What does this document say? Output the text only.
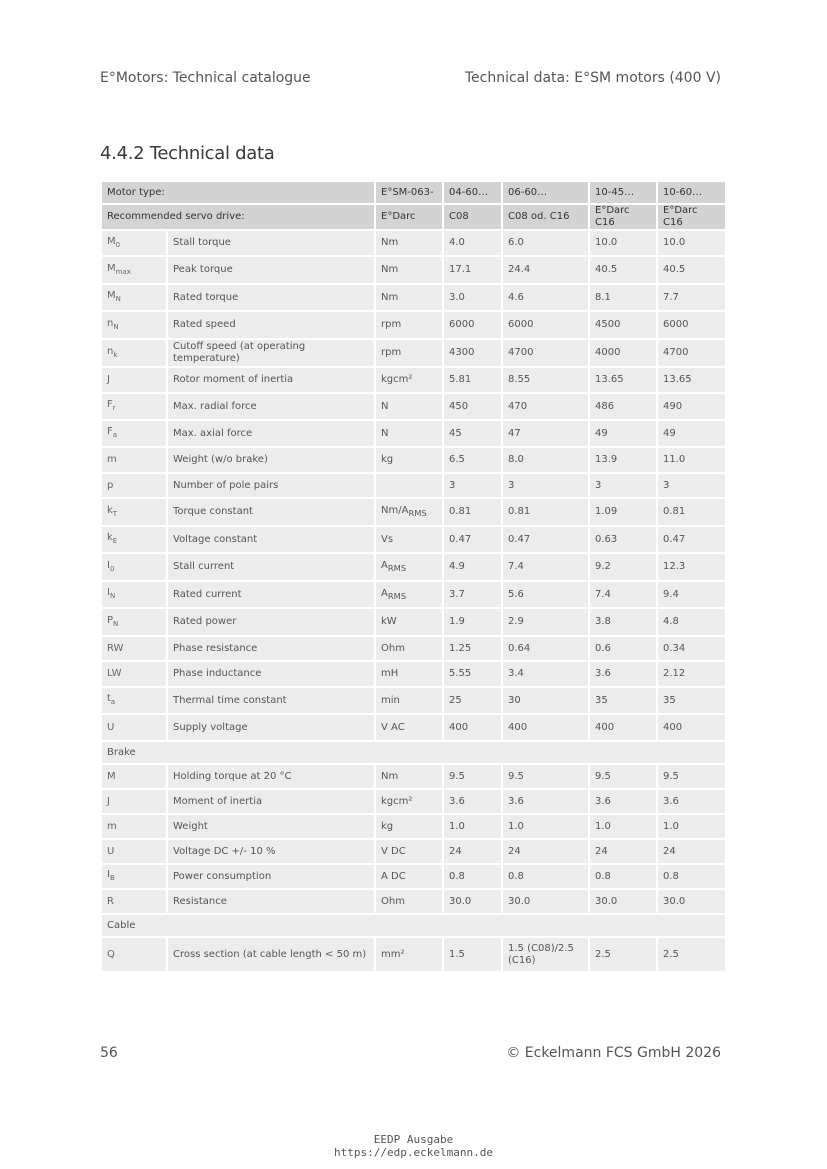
E°Motors: Technical catalogue	Technical data: E°SM motors (400 V)
4.4.2 Technical data
Motor type:		E°SM-063-	04-60…	06-60…	10-45…	10-60…
Recommended servo drive:		E°Darc	C08	C08 od. C16	E°Darc C16	E°Darc C16
$M_0$	Stall torque	Nm	4.0	6.0	10.0	10.0
$M_{max}$	Peak torque	Nm	17.1	24.4	40.5	40.5
$M_N$	Rated torque	Nm	3.0	4.6	8.1	7.7
$n_N$	Rated speed	rpm	6000	6000	4500	6000
$n_k$	Cutoff speed (at operating temperature)	rpm	4300	4700	4000	4700
J	Rotor moment of inertia	kgcm²	5.81	8.55	13.65	13.65
$F_r$	Max. radial force	N	450	470	486	490
$F_a$	Max. axial force	N	45	47	49	49
m	Weight (w/o brake)	kg	6.5	8.0	13.9	11.0
p	Number of pole pairs		3	3	3	3
$k_T$	Torque constant	$Nm/A_{RMS}$	0.81	0.81	1.09	0.81
$k_E$	Voltage constant	Vs	0.47	0.47	0.63	0.47
$I_0$	Stall current	$A_{RMS}$	4.9	7.4	9.2	12.3
$I_N$	Rated current	$A_{RMS}$	3.7	5.6	7.4	9.4
$P_N$	Rated power	kW	1.9	2.9	3.8	4.8
RW	Phase resistance	Ohm	1.25	0.64	0.6	0.34
LW	Phase inductance	mH	5.55	3.4	3.6	2.12
$t_a$	Thermal time constant	min	25	30	35	35
U	Supply voltage	V AC	400	400	400	400
Brake						
M	Holding torque at 20 °C	Nm	9.5	9.5	9.5	9.5
J	Moment of inertia	kgcm²	3.6	3.6	3.6	3.6
m	Weight	kg	1.0	1.0	1.0	1.0
U	Voltage DC +/- 10 %	V DC	24	24	24	24
$I_B$	Power consumption	A DC	0.8	0.8	0.8	0.8
R	Resistance	Ohm	30.0	30.0	30.0	30.0
Cable						
Q	Cross section (at cable length < 50 m)	mm²	1.5	1.5 (C08)/2.5 (C16)	2.5	2.5
56	© Eckelmann FCS GmbH 2026
EEDP Ausgabe
https://edp.eckelmann.de
